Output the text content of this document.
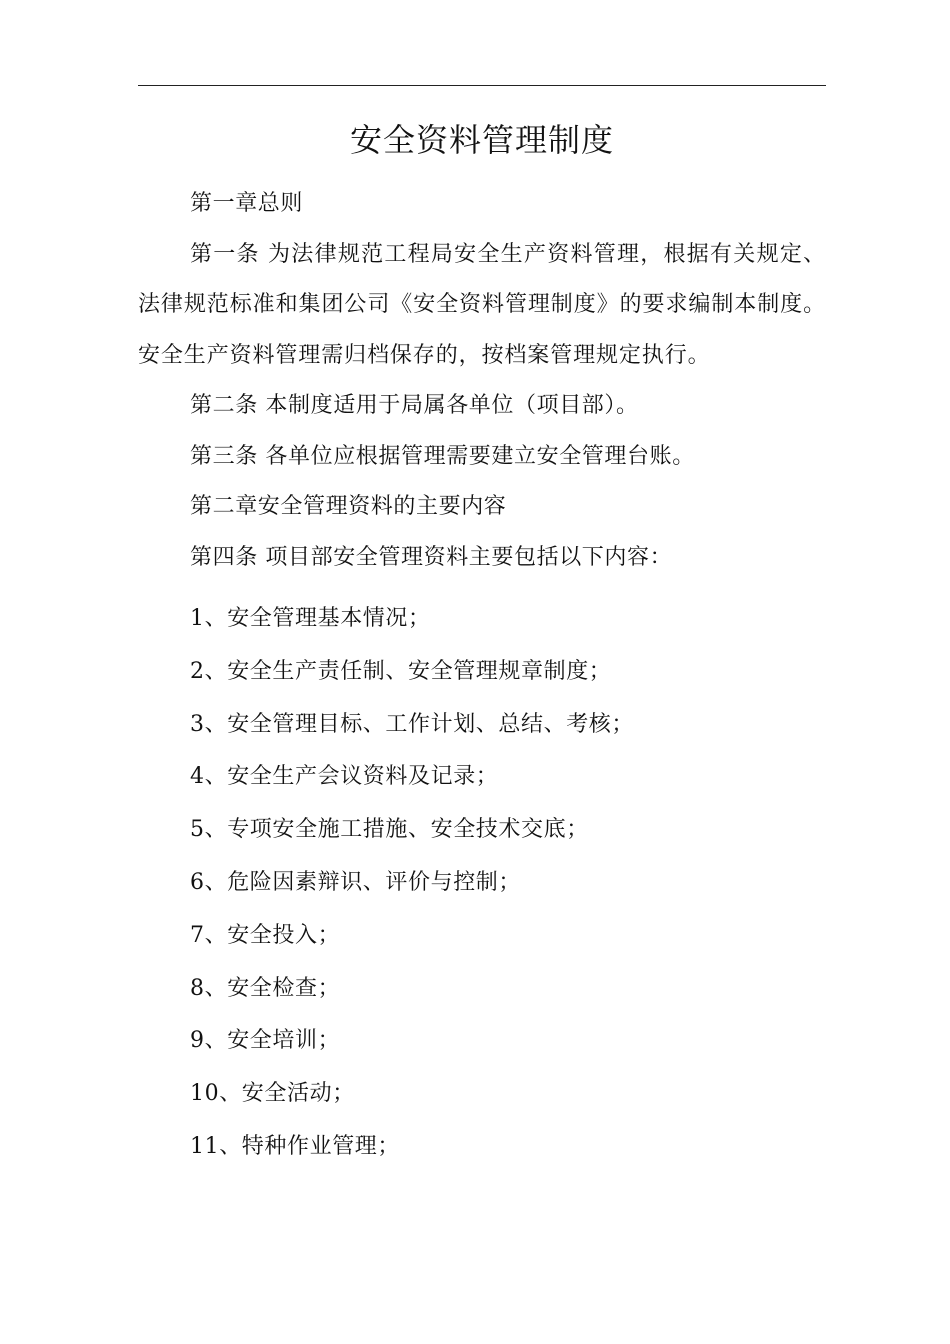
安全资料管理制度

第一章总则

第一条 为法律规范工程局安全生产资料管理，根据有关规定、法律规范标准和集团公司《安全资料管理制度》的要求编制本制度。安全生产资料管理需归档保存的，按档案管理规定执行。

第二条 本制度适用于局属各单位（项目部）。

第三条 各单位应根据管理需要建立安全管理台账。

第二章安全管理资料的主要内容

第四条 项目部安全管理资料主要包括以下内容：

1、安全管理基本情况；
2、安全生产责任制、安全管理规章制度；
3、安全管理目标、工作计划、总结、考核；
4、安全生产会议资料及记录；
5、专项安全施工措施、安全技术交底；
6、危险因素辩识、评价与控制；
7、安全投入；
8、安全检查；
9、安全培训；
10、安全活动；
11、特种作业管理；
